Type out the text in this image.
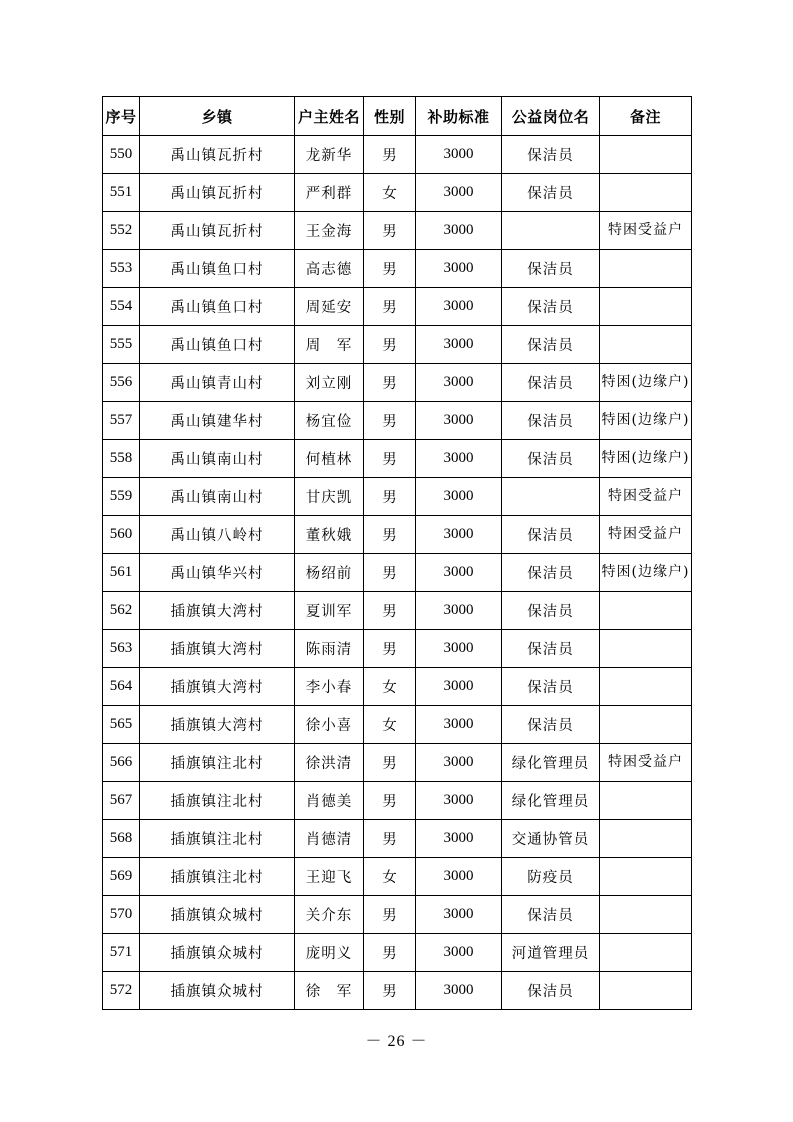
序号	乡镇	户主姓名	性别	补助标准	公益岗位名	备注
550	禹山镇瓦折村	龙新华	男	3000	保洁员	
551	禹山镇瓦折村	严利群	女	3000	保洁员	
552	禹山镇瓦折村	王金海	男	3000		特困受益户
553	禹山镇鱼口村	高志德	男	3000	保洁员	
554	禹山镇鱼口村	周延安	男	3000	保洁员	
555	禹山镇鱼口村	周　军	男	3000	保洁员	
556	禹山镇青山村	刘立刚	男	3000	保洁员	特困(边缘户)
557	禹山镇建华村	杨宜俭	男	3000	保洁员	特困(边缘户)
558	禹山镇南山村	何植林	男	3000	保洁员	特困(边缘户)
559	禹山镇南山村	甘庆凯	男	3000		特困受益户
560	禹山镇八岭村	董秋娥	男	3000	保洁员	特困受益户
561	禹山镇华兴村	杨绍前	男	3000	保洁员	特困(边缘户)
562	插旗镇大湾村	夏训军	男	3000	保洁员	
563	插旗镇大湾村	陈雨清	男	3000	保洁员	
564	插旗镇大湾村	李小春	女	3000	保洁员	
565	插旗镇大湾村	徐小喜	女	3000	保洁员	
566	插旗镇注北村	徐洪清	男	3000	绿化管理员	特困受益户
567	插旗镇注北村	肖德美	男	3000	绿化管理员	
568	插旗镇注北村	肖德清	男	3000	交通协管员	
569	插旗镇注北村	王迎飞	女	3000	防疫员	
570	插旗镇众城村	关介东	男	3000	保洁员	
571	插旗镇众城村	庞明义	男	3000	河道管理员	
572	插旗镇众城村	徐　军	男	3000	保洁员	
－ 26 －
